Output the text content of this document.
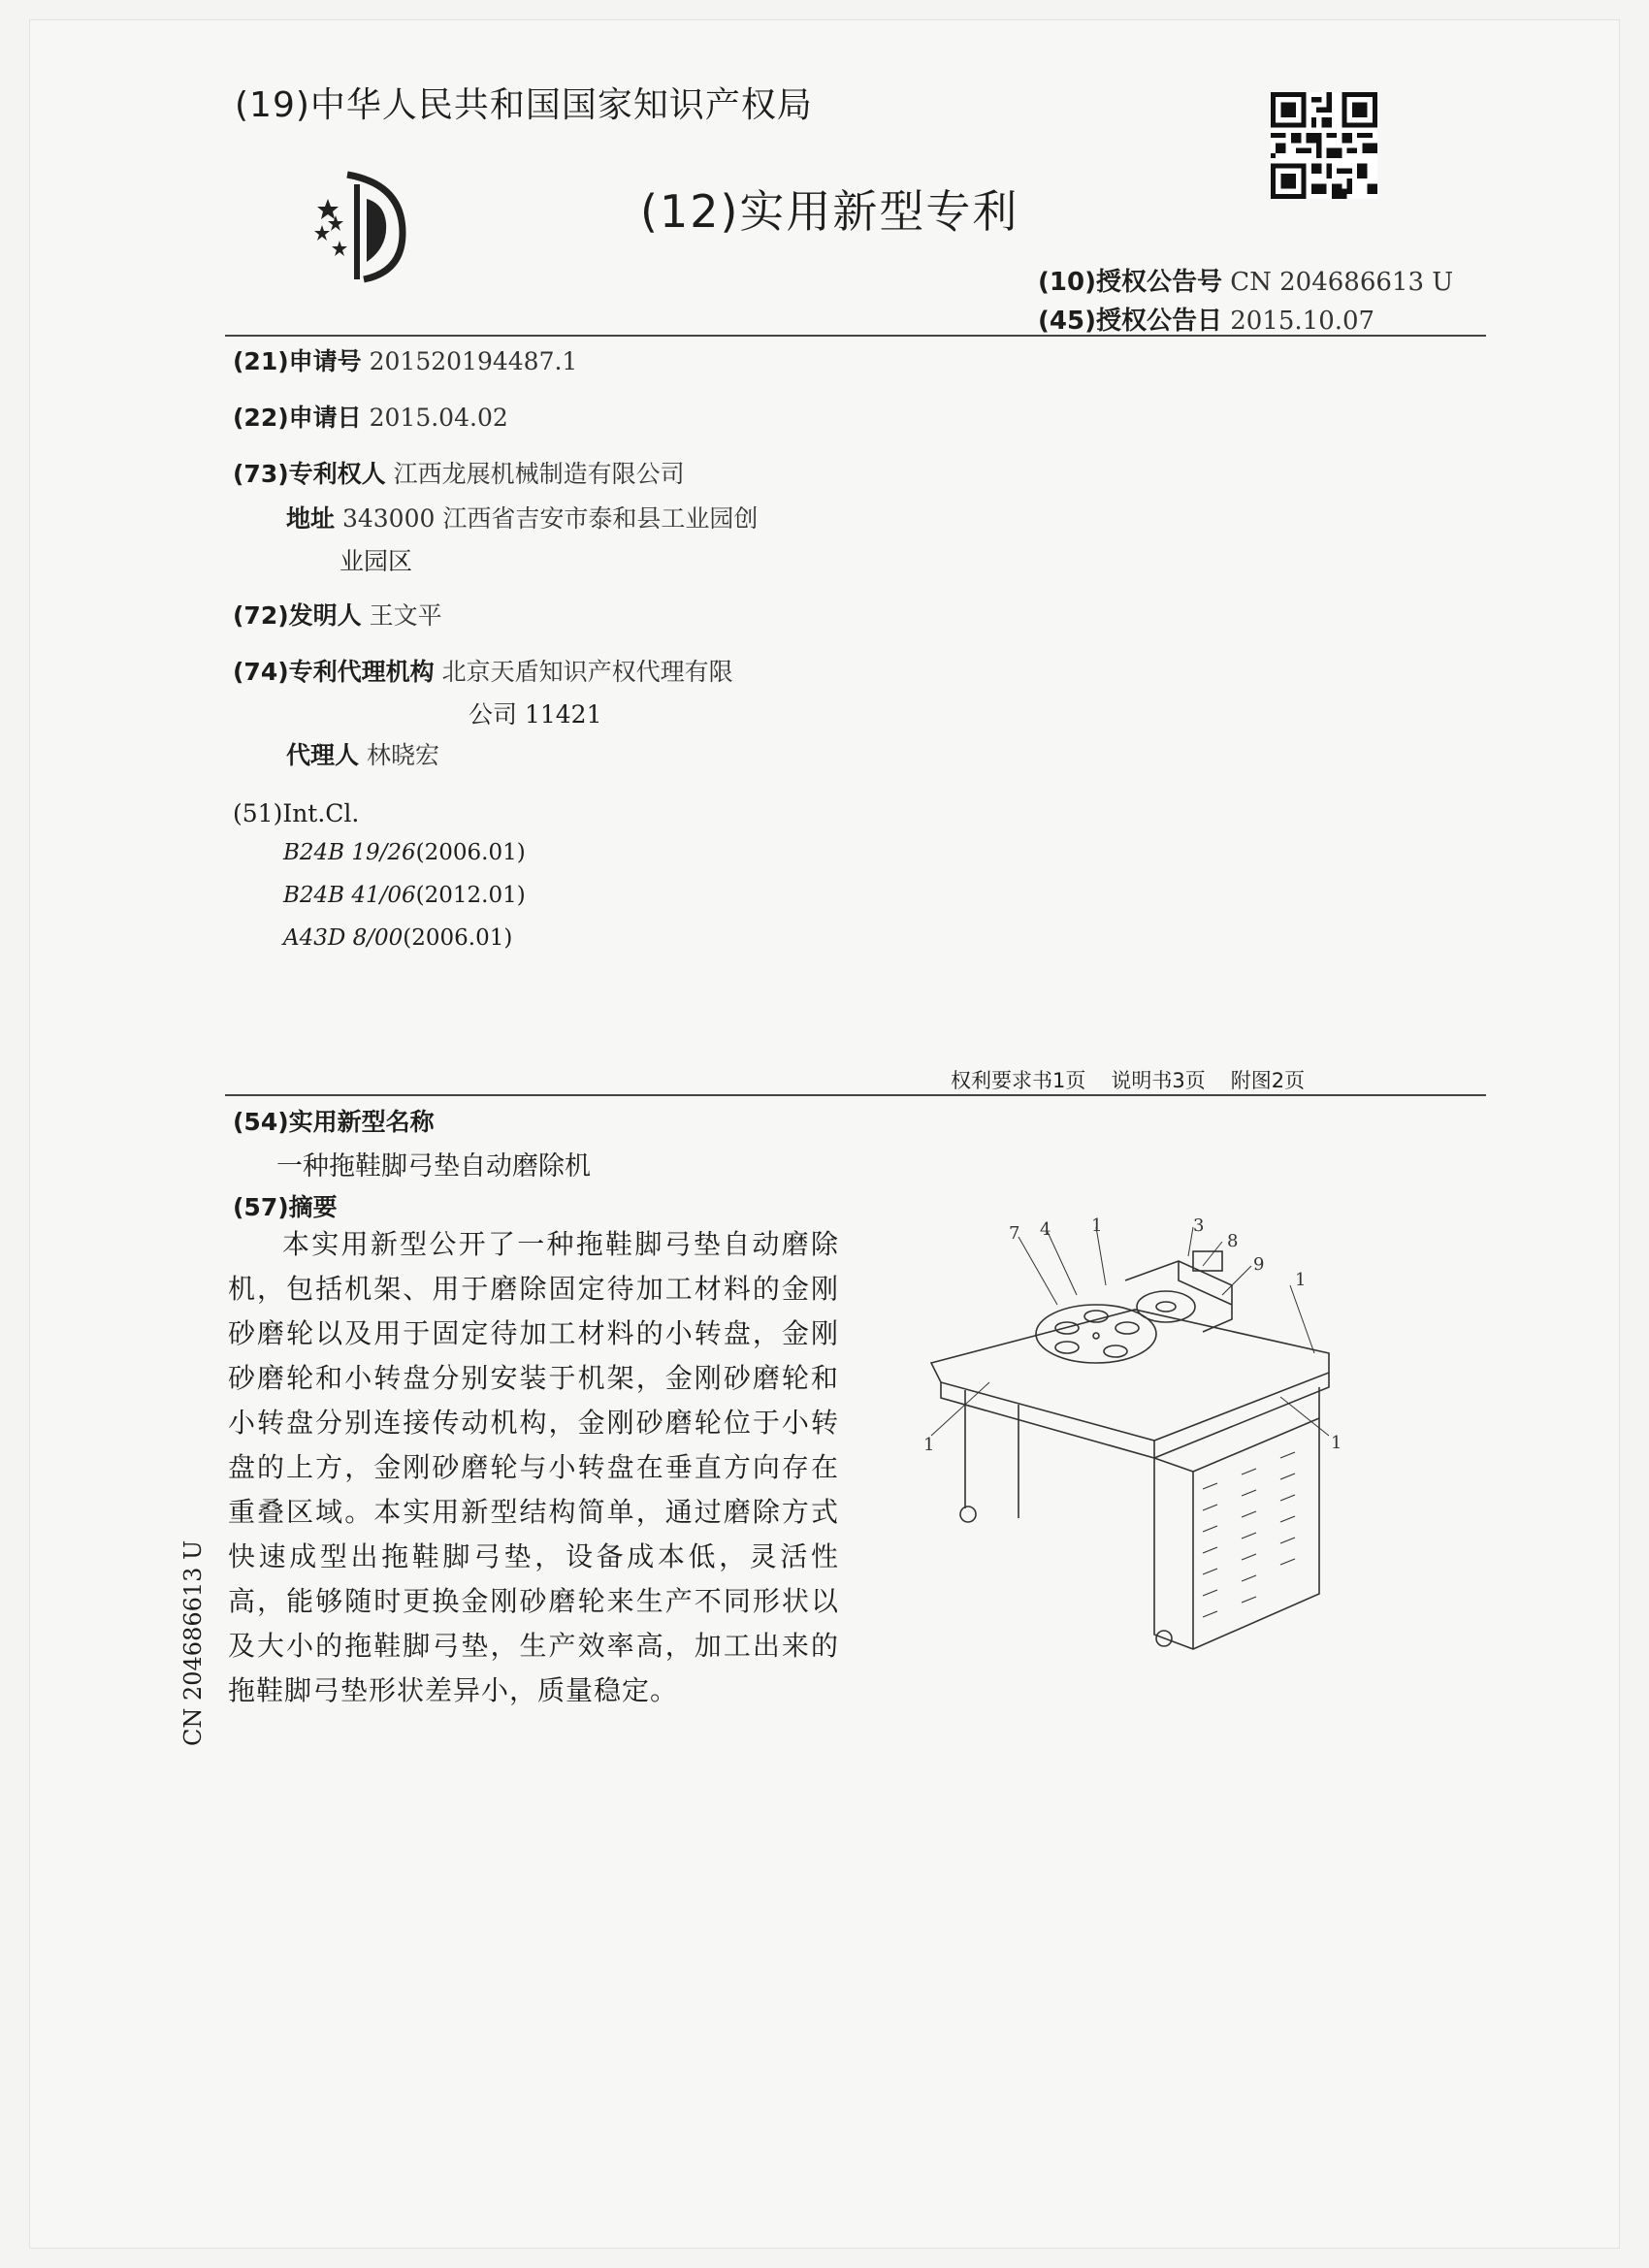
(19)中华人民共和国国家知识产权局
(12)实用新型专利
(10)授权公告号 CN 204686613 U
(45)授权公告日 2015.10.07
(21)申请号 201520194487.1
(22)申请日 2015.04.02
(73)专利权人 江西龙展机械制造有限公司
地址 343000 江西省吉安市泰和县工业园创
业园区
(72)发明人 王文平
(74)专利代理机构 北京天盾知识产权代理有限
公司 11421
代理人 林晓宏
(51)Int.Cl.
B24B 19/26(2006.01)
B24B 41/06(2012.01)
A43D 8/00(2006.01)
权利要求书1页 说明书3页 附图2页
(54)实用新型名称
一种拖鞋脚弓垫自动磨除机
(57)摘要
本实用新型公开了一种拖鞋脚弓垫自动磨除机，包括机架、用于磨除固定待加工材料的金刚砂磨轮以及用于固定待加工材料的小转盘，金刚砂磨轮和小转盘分别安装于机架，金刚砂磨轮和小转盘分别连接传动机构，金刚砂磨轮位于小转盘的上方，金刚砂磨轮与小转盘在垂直方向存在重叠区域。本实用新型结构简单，通过磨除方式快速成型出拖鞋脚弓垫，设备成本低，灵活性高，能够随时更换金刚砂磨轮来生产不同形状以及大小的拖鞋脚弓垫，生产效率高，加工出来的拖鞋脚弓垫形状差异小，质量稳定。
7 4 1	3
8
9
1
1	1
CN 204686613 U
